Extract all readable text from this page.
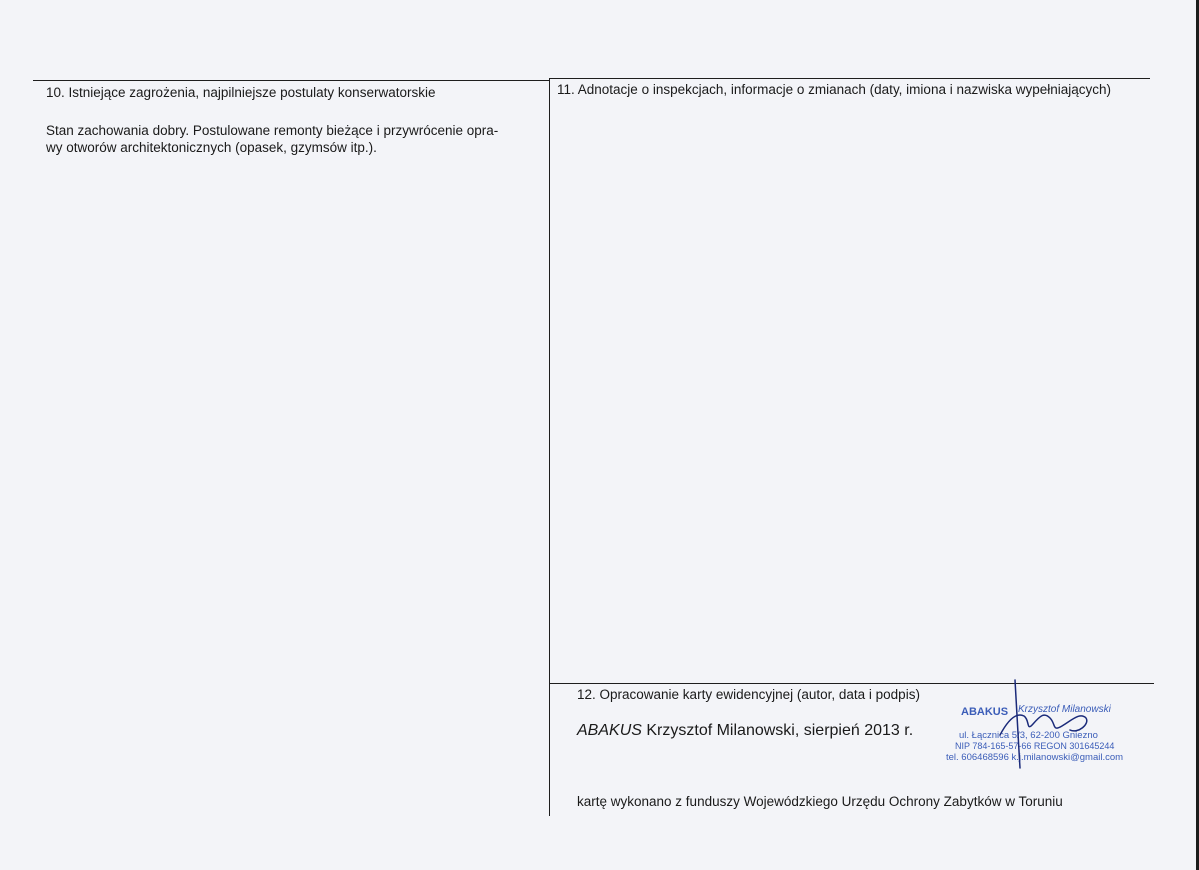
10. Istniejące zagrożenia, najpilniejsze postulaty konserwatorskie
Stan zachowania dobry. Postulowane remonty bieżące i przywrócenie opra-
wy otworów architektonicznych (opasek, gzymsów itp.).
11. Adnotacje o inspekcjach, informacje o zmianach (daty, imiona i nazwiska wypełniających)
12. Opracowanie karty ewidencyjnej (autor, data i podpis)
ABAKUS Krzysztof Milanowski, sierpień 2013 r.
kartę wykonano z funduszy Wojewódzkiego Urzędu Ochrony Zabytków w Toruniu
ABAKUS Krzysztof Milanowski
ul. Łącznica 5/3, 62-200 Gniezno
NIP 784-165-57-66 REGON 301645244
tel. 606468596 k.j.milanowski@gmail.com
